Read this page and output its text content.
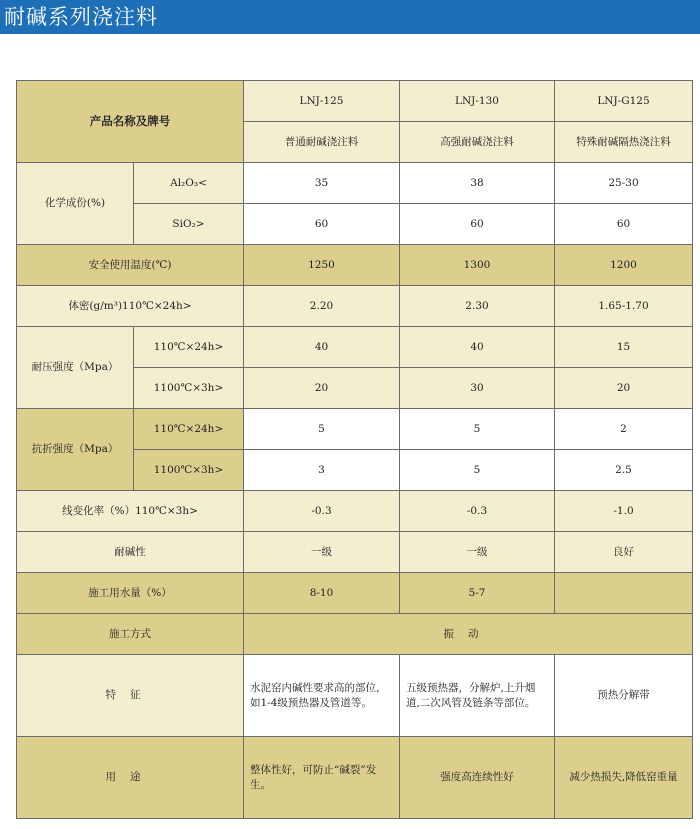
耐碱系列浇注料
产品名称及牌号		LNJ-125	LNJ-130	LNJ-G125
		普通耐碱浇注料	高强耐碱浇注料	特殊耐碱隔热浇注料
化学成份(%)	Al₂O₃<	35	38	25-30
	SiO₂>	60	60	60
安全使用温度(℃)		1250	1300	1200
体密(g/m³)110℃×24h>		2.20	2.30	1.65-1.70
耐压强度（Mpa）	110℃×24h>	40	40	15
	1100℃×3h>	20	30	20
抗折强度（Mpa）	110℃×24h>	5	5	2
	1100℃×3h>	3	5	2.5
线变化率（%）110℃×3h>		-0.3	-0.3	-1.0
耐碱性		一级	一级	良好
施工用水量（%）		8-10	5-7	
施工方式		振动		
特征		水泥窑内碱性要求高的部位，如1-4级预热器及管道等。	五级预热器，分解炉,上升烟道,二次风管及链条等部位。	预热分解带
用途		整体性好，可防止“碱裂”发生。	强度高连续性好	减少热损失,降低窑重量
